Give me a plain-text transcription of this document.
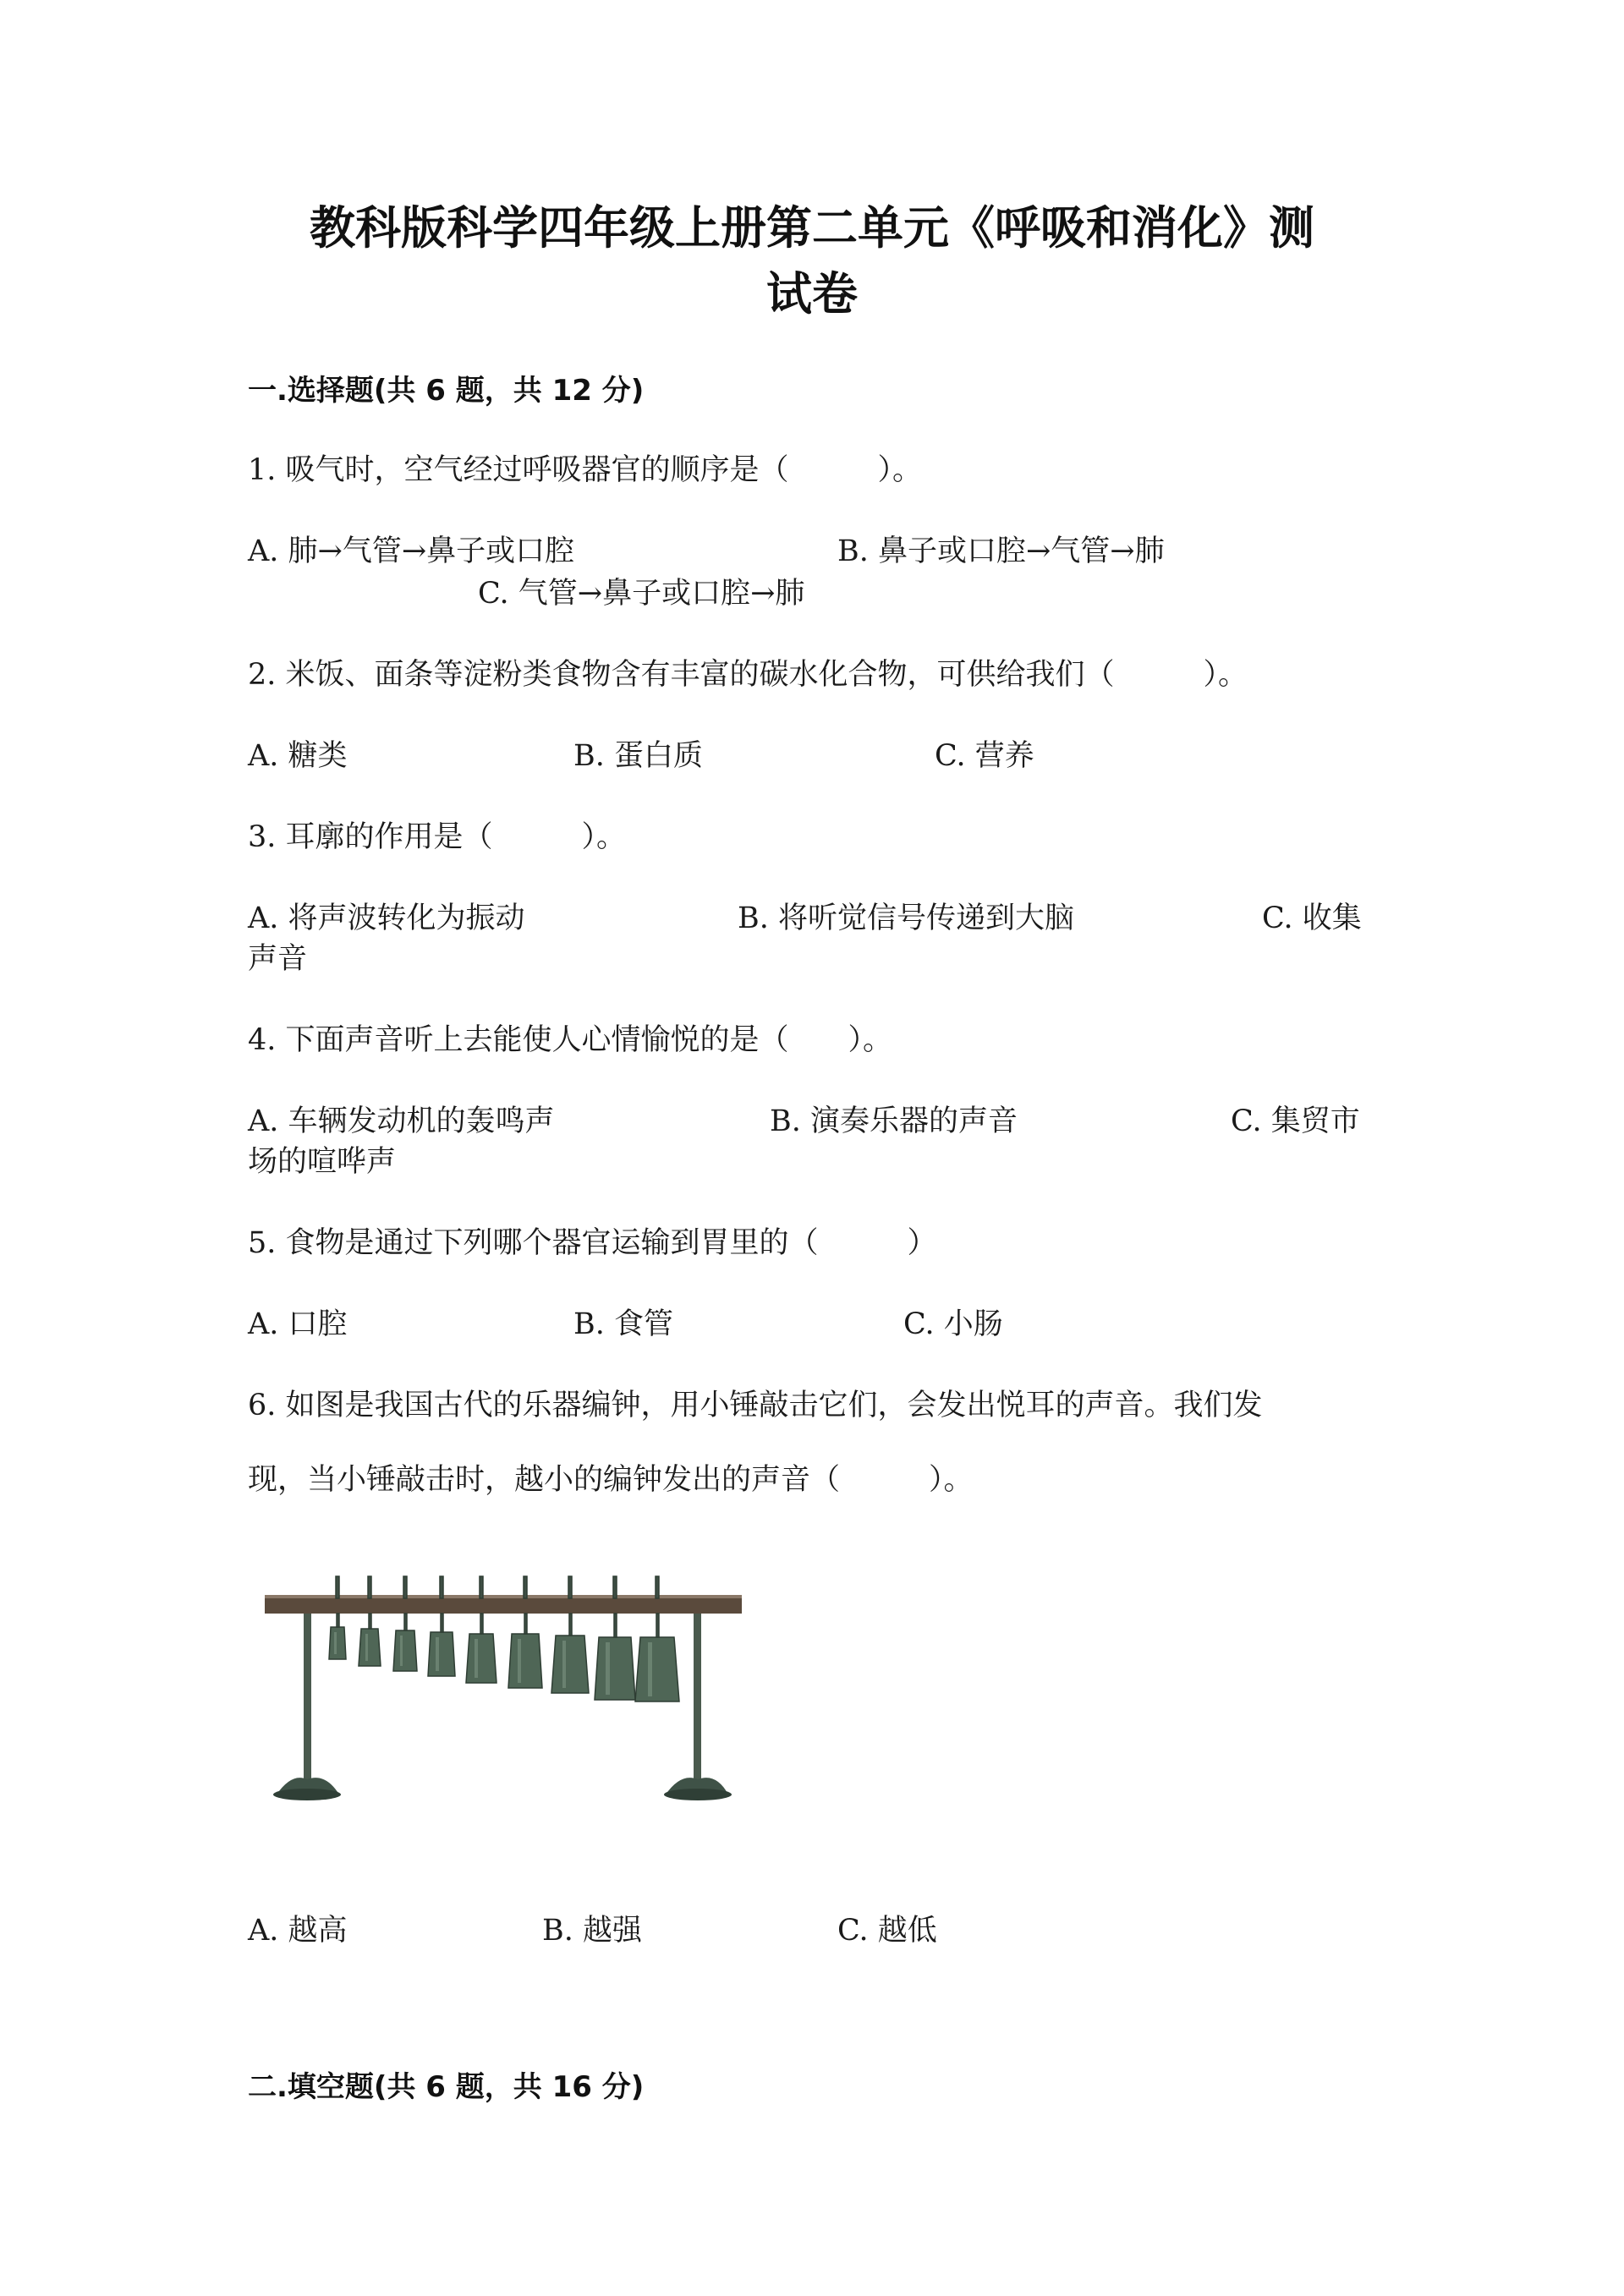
教科版科学四年级上册第二单元《呼吸和消化》测
试卷
一.选择题(共 6 题，共 12 分)
1. 吸气时，空气经过呼吸器官的顺序是（　　　）。
A. 肺→气管→鼻子或口腔	B. 鼻子或口腔→气管→肺
C. 气管→鼻子或口腔→肺
2. 米饭、面条等淀粉类食物含有丰富的碳水化合物，可供给我们（　　　）。
A. 糖类	B. 蛋白质	C. 营养
3. 耳廓的作用是（　　　）。
A. 将声波转化为振动	B. 将听觉信号传递到大脑	C. 收集
声音
4. 下面声音听上去能使人心情愉悦的是（　　）。
A. 车辆发动机的轰鸣声	B. 演奏乐器的声音	C. 集贸市
场的喧哗声
5. 食物是通过下列哪个器官运输到胃里的（　　　）
A. 口腔	B. 食管	C. 小肠
6. 如图是我国古代的乐器编钟，用小锤敲击它们，会发出悦耳的声音。我们发
现，当小锤敲击时，越小的编钟发出的声音（　　　）。
A. 越高	B. 越强	C. 越低
二.填空题(共 6 题，共 16 分)
